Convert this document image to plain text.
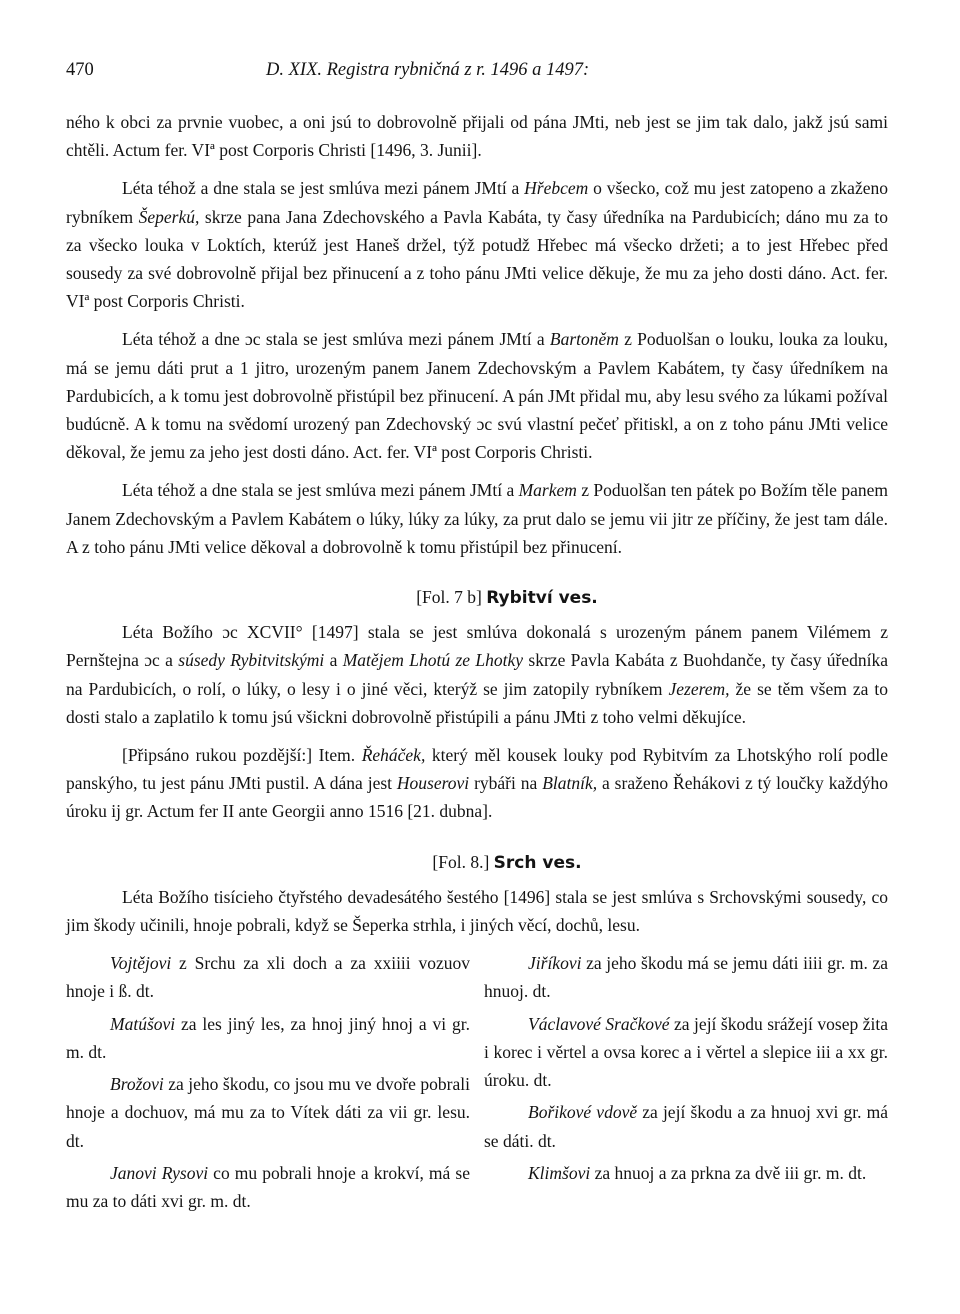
470	D. XIX. Registra rybničná z r. 1496 a 1497:

ného k obci za prvnie vuobec, a oni jsú to dobrovolně přijali od pána JMti, neb jest se jim tak dalo, jakž jsú sami chtěli. Actum fer. VIª post Corporis Christi [1496, 3. Junii].

Léta téhož a dne stala se jest smlúva mezi pánem JMtí a Hřebcem o všecko, což mu jest zatopeno a zkaženo rybníkem Šeperkú, skrze pana Jana Zdechovského a Pavla Kabáta, ty časy úředníka na Pardubicích; dáno mu za to za všecko louka v Loktích, kterúž jest Haneš držel, týž potudž Hřebec má všecko držeti; a to jest Hřebec před sousedy za své dobrovolně přijal bez přinucení a z toho pánu JMti velice děkuje, že mu za jeho dosti dáno. Act. fer. VIª post Corporis Christi.

Léta téhož a dne ɔc stala se jest smlúva mezi pánem JMtí a Bartoněm z Poduolšan o louku, louka za louku, má se jemu dáti prut a 1 jitro, urozeným panem Janem Zdechovským a Pavlem Kabátem, ty časy úředníkem na Pardubicích, a k tomu jest dobrovolně přistúpil bez přinucení. A pán JMt přidal mu, aby lesu svého za lúkami požíval budúcně. A k tomu na svědomí urozený pan Zdechovský ɔc svú vlastní pečeť přitiskl, a on z toho pánu JMti velice děkoval, že jemu za jeho jest dosti dáno. Act. fer. VIª post Corporis Christi.

Léta téhož a dne stala se jest smlúva mezi pánem JMtí a Markem z Poduolšan ten pátek po Božím těle panem Janem Zdechovským a Pavlem Kabátem o lúky, lúky za lúky, za prut dalo se jemu vii jitr ze příčiny, že jest tam dále. A z toho pánu JMti velice děkoval a dobrovolně k tomu přistúpil bez přinucení.

[Fol. 7 b] Rybitví ves.

Léta Božího ɔc XCVII° [1497] stala se jest smlúva dokonalá s urozeným pánem panem Vilémem z Pernštejna ɔc a súsedy Rybitvitskými a Matějem Lhotú ze Lhotky skrze Pavla Kabáta z Buohdanče, ty časy úředníka na Pardubicích, o rolí, o lúky, o lesy i o jiné věci, kterýž se jim zatopily rybníkem Jezerem, že se těm všem za to dosti stalo a zaplatilo k tomu jsú všickni dobrovolně přistúpili a pánu JMti z toho velmi děkujíce.

[Připsáno rukou pozdější:] Item. Řeháček, který měl kousek louky pod Rybitvím za Lhotskýho rolí podle panskýho, tu jest pánu JMti pustil. A dána jest Houserovi rybáři na Blatník, a sraženo Řehákovi z tý loučky každýho úroku ij gr. Actum fer II ante Georgii anno 1516 [21. dubna].

[Fol. 8.] Srch ves.

Léta Božího tisícieho čtyřstého devadesátého šestého [1496] stala se jest smlúva s Srchovskými sousedy, co jim škody učinili, hnoje pobrali, když se Šeperka strhla, i jiných věcí, dochů, lesu.

Vojtějovi z Srchu za xli doch a za xxiiii vozuov hnoje i ß. dt.

Matúšovi za les jiný les, za hnoj jiný hnoj a vi gr. m. dt.

Brožovi za jeho škodu, co jsou mu ve dvoře pobrali hnoje a dochuov, má mu za to Vítek dáti za vii gr. lesu. dt.

Janovi Rysovi co mu pobrali hnoje a krokví, má se mu za to dáti xvi gr. m. dt.

Jiříkovi za jeho škodu má se jemu dáti iiii gr. m. za hnuoj. dt.

Václavové Sračkové za její škodu srážejí vosep žita i korec i věrtel a ovsa korec a i věrtel a slepice iii a xx gr. úroku. dt.

Bořikové vdově za její škodu a za hnuoj xvi gr. má se dáti. dt.

Klimšovi za hnuoj a za prkna za dvě iii gr. m. dt.
